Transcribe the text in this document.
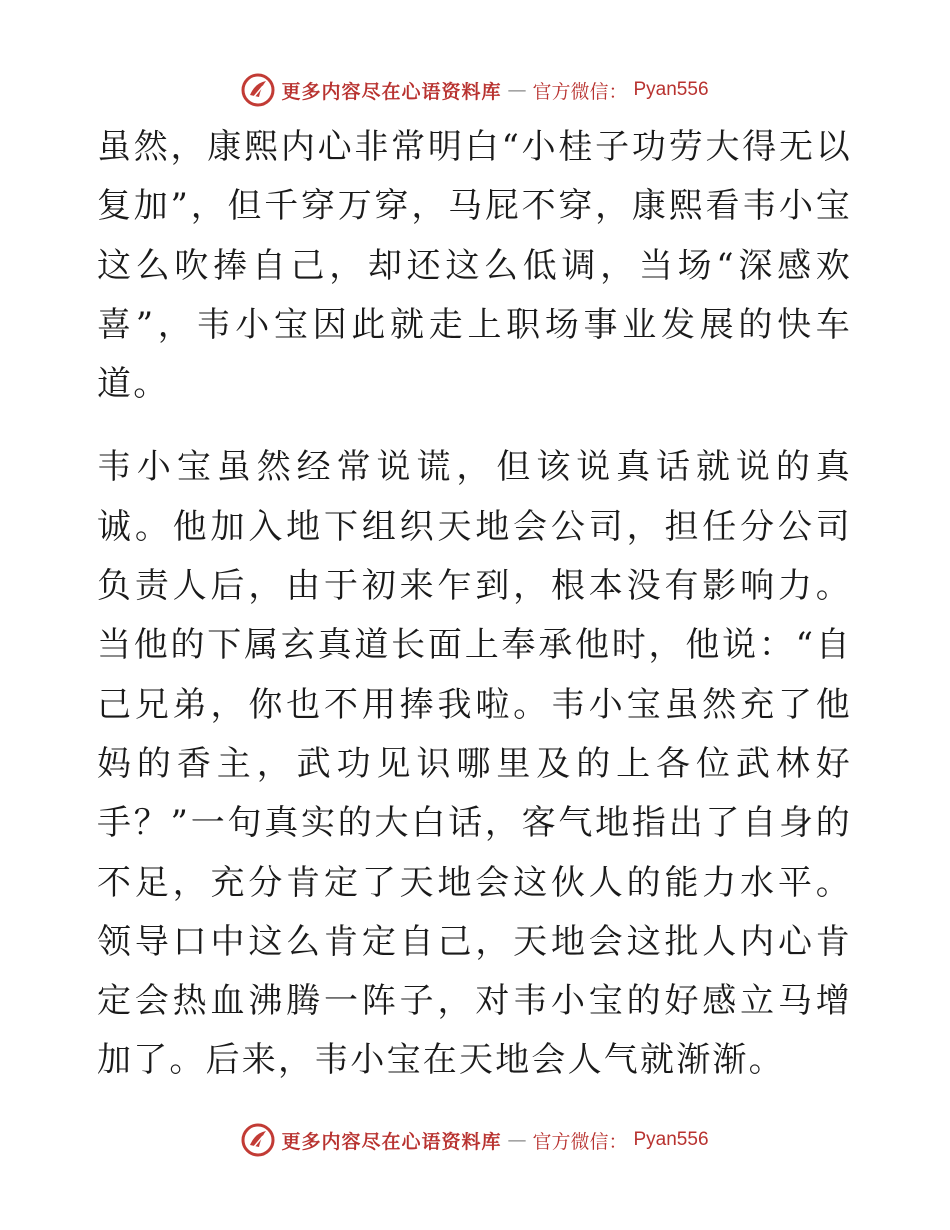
更多内容尽在心语资料库 — 官方微信： Pyan556

虽然，康熙内心非常明白“小桂子功劳大得无以复加”，但千穿万穿，马屁不穿，康熙看韦小宝这么吹捧自己，却还这么低调，当场“深感欢喜”，韦小宝因此就走上职场事业发展的快车道。

韦小宝虽然经常说谎，但该说真话就说的真诚。他加入地下组织天地会公司，担任分公司负责人后，由于初来乍到，根本没有影响力。当他的下属玄真道长面上奉承他时，他说：“自己兄弟，你也不用捧我啦。韦小宝虽然充了他妈的香主，武功见识哪里及的上各位武林好手？”一句真实的大白话，客气地指出了自身的不足，充分肯定了天地会这伙人的能力水平。领导口中这么肯定自己，天地会这批人内心肯定会热血沸腾一阵子，对韦小宝的好感立马增加了。后来，韦小宝在天地会人气就渐渐。

更多内容尽在心语资料库 — 官方微信： Pyan556
